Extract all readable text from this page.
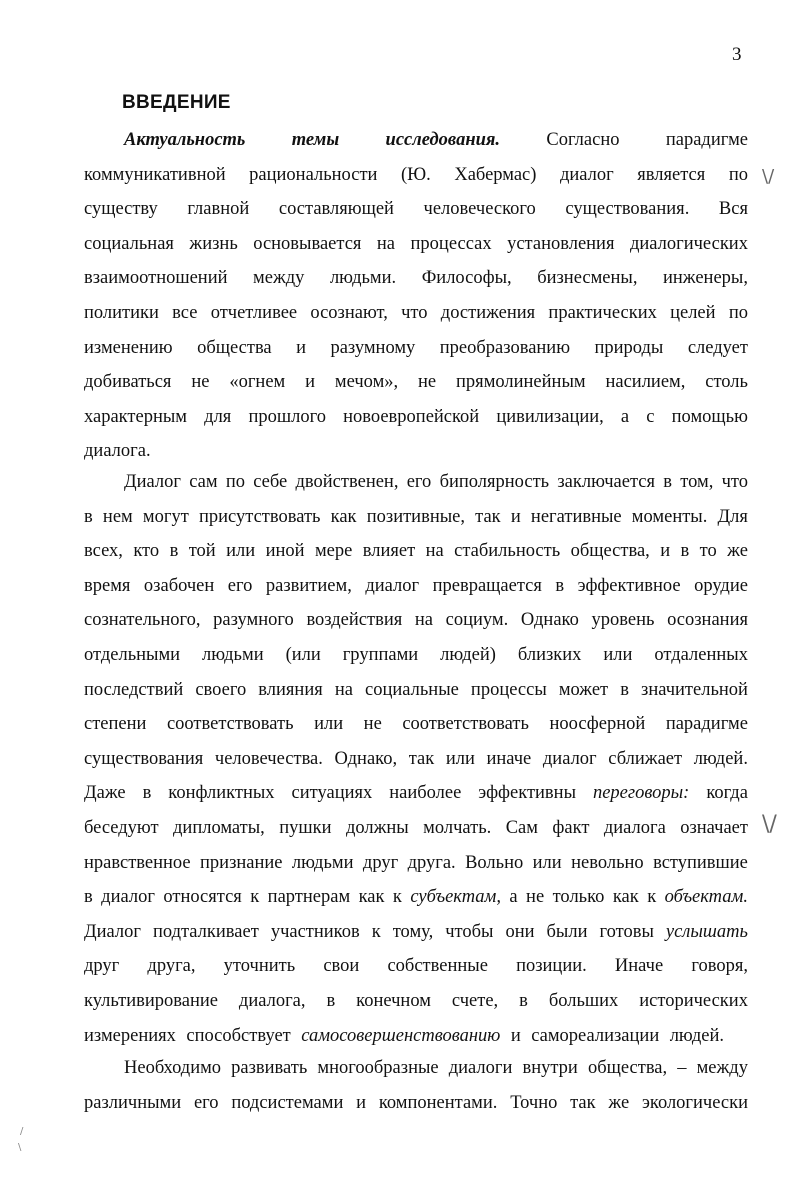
3
ВВЕДЕНИЕ
Актуальность	темы	исследования.	Согласно	парадигме
коммуникативной рациональности (Ю. Хабермас) диалог является по
существу главной составляющей человеческого существования. Вся
социальная жизнь основывается на процессах установления диалогических
взаимоотношений между людьми. Философы, бизнесмены, инженеры,
политики все отчетливее осознают, что достижения практических целей по
изменению общества и разумному преобразованию природы следует
добиваться не «огнем и мечом», не прямолинейным насилием, столь
характерным для прошлого новоевропейской цивилизации, а с помощью
диалога.
Диалог сам по себе двойственен, его биполярность заключается в том, что
в нем могут присутствовать как позитивные, так и негативные моменты. Для
всех, кто в той или иной мере влияет на стабильность общества, и в то же
время озабочен его развитием, диалог превращается в эффективное орудие
сознательного, разумного воздействия на социум. Однако уровень осознания
отдельными людьми (или группами людей) близких или отдаленных
последствий своего влияния на социальные процессы может в значительной
степени соответствовать или не соответствовать ноосферной парадигме
существования человечества. Однако, так или иначе диалог сближает людей.
Даже в конфликтных ситуациях наиболее эффективны переговоры: когда
беседуют дипломаты, пушки должны молчать. Сам факт диалога означает
нравственное признание людьми друг друга. Вольно или невольно вступившие
в диалог относятся к партнерам как к субъектам, а не только как к объектам.
Диалог подталкивает участников к тому, чтобы они были готовы услышать
друг друга, уточнить свои собственные позиции. Иначе говоря,
культивирование диалога, в конечном счете, в больших исторических
измерениях способствует самосовершенствованию и самореализации людей.
Необходимо развивать многообразные диалоги внутри общества, – между
различными его подсистемами и компонентами. Точно так же экологически
\/
\/
/
\
